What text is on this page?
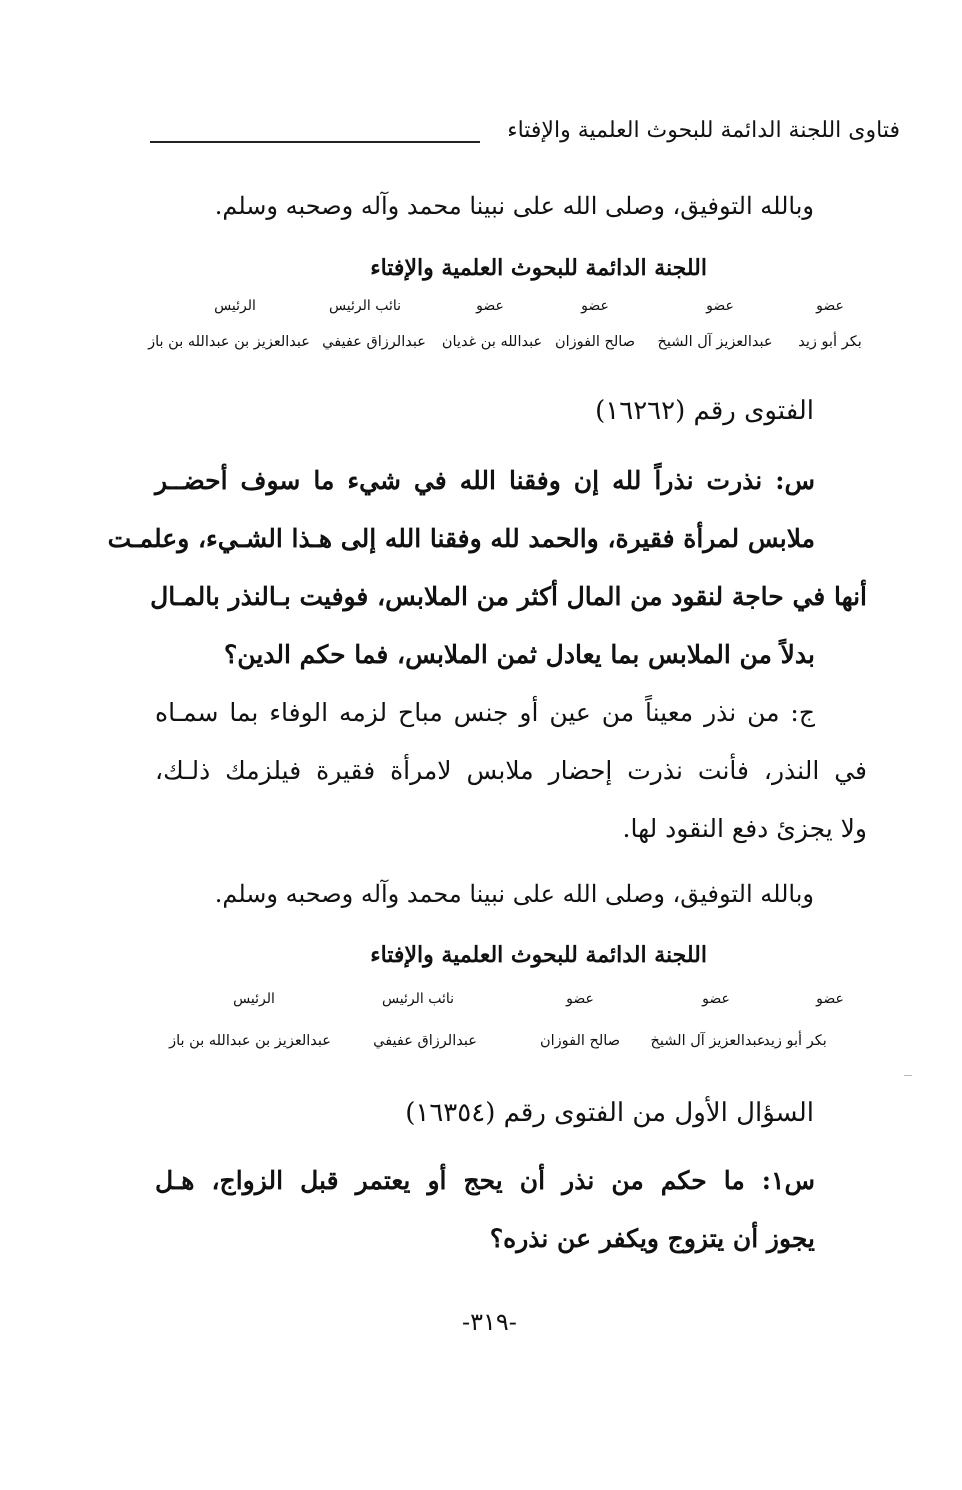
فتاوى اللجنة الدائمة للبحوث العلمية والإفتاء
وبالله التوفيق، وصلى الله على نبينا محمد وآله وصحبه وسلم.
اللجنة الدائمة للبحوث العلمية والإفتاء
عضو
عضو
عضو
عضو
نائب الرئيس
الرئيس
بكر أبو زيد
عبدالعزيز آل الشيخ
صالح الفوزان
عبدالله بن غديان
عبدالرزاق عفيفي
عبدالعزيز بن عبدالله بن باز
الفتوى رقم (١٦٢٦٢)
س: نذرت نذراً لله إن وفقنا الله في شيء ما سوف أحضــر
ملابس لمرأة فقيرة، والحمد لله وفقنا الله إلى هـذا الشـيء، وعلمـت
أنها في حاجة لنقود من المال أكثر من الملابس، فوفيت بـالنذر بالمـال
بدلاً من الملابس بما يعادل ثمن الملابس، فما حكم الدين؟
ج: من نذر معيناً من عين أو جنس مباح لزمه الوفاء بما سمـاه
في النذر، فأنت نذرت إحضار ملابس لامرأة فقيرة فيلزمك ذلـك،
ولا يجزئ دفع النقود لها.
وبالله التوفيق، وصلى الله على نبينا محمد وآله وصحبه وسلم.
اللجنة الدائمة للبحوث العلمية والإفتاء
عضو
عضو
عضو
نائب الرئيس
الرئيس
بكر أبو زيد
عبدالعزيز آل الشيخ
صالح الفوزان
عبدالرزاق عفيفي
عبدالعزيز بن عبدالله بن باز
السؤال الأول من الفتوى رقم (١٦٣٥٤)
س١: ما حكم من نذر أن يحج أو يعتمر قبل الزواج، هـل
يجوز أن يتزوج ويكفر عن نذره؟
-٣١٩-
